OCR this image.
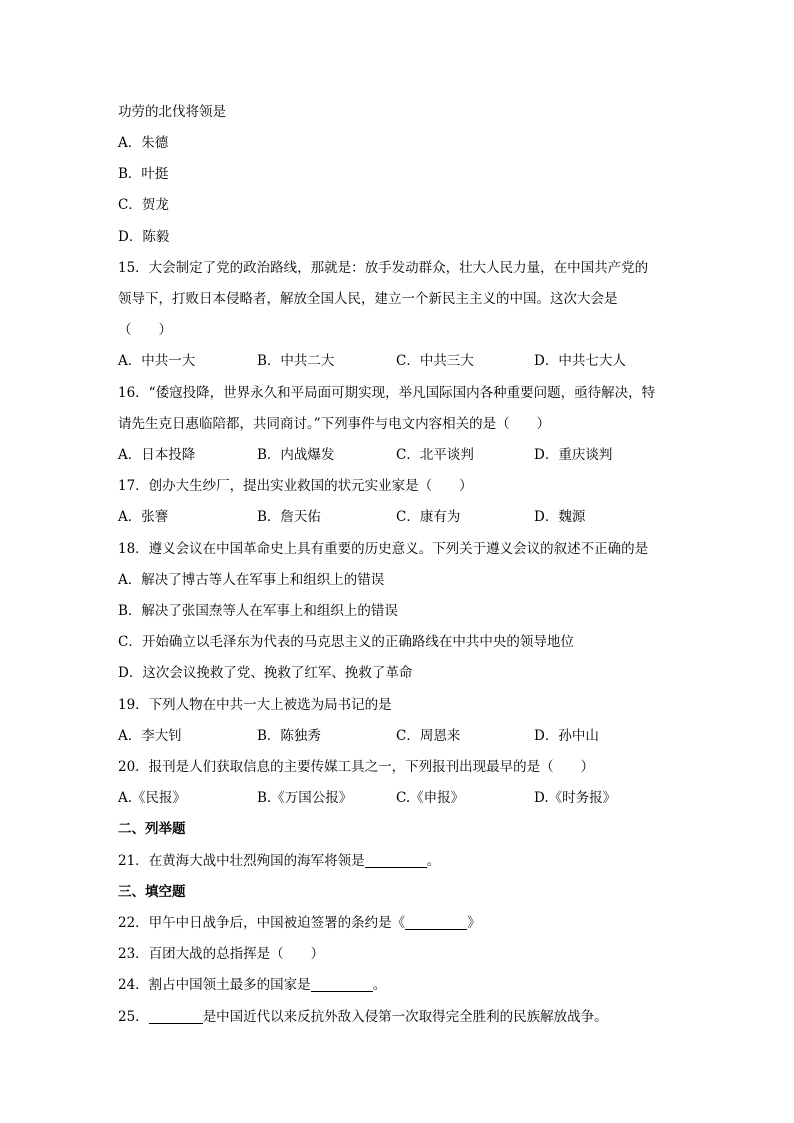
功劳的北伐将领是
A．朱德
B．叶挺
C．贺龙
D．陈毅
15．大会制定了党的政治路线，那就是：放手发动群众，壮大人民力量，在中国共产党的
领导下，打败日本侵略者，解放全国人民，建立一个新民主主义的中国。这次大会是
（　　）
A．中共一大	B．中共二大	C．中共三大	D．中共七大人
16．“倭寇投降，世界永久和平局面可期实现，举凡国际国内各种重要问题，亟待解决，特
请先生克日惠临陪都，共同商讨。”下列事件与电文内容相关的是（　　）
A．日本投降	B．内战爆发	C．北平谈判	D．重庆谈判
17．创办大生纱厂，提出实业救国的状元实业家是（　　）
A．张謇	B．詹天佑	C．康有为	D．魏源
18．遵义会议在中国革命史上具有重要的历史意义。下列关于遵义会议的叙述不正确的是
A．解决了博古等人在军事上和组织上的错误
B．解决了张国焘等人在军事上和组织上的错误
C．开始确立以毛泽东为代表的马克思主义的正确路线在中共中央的领导地位
D．这次会议挽救了党、挽救了红军、挽救了革命
19．下列人物在中共一大上被选为局书记的是
A．李大钊	B．陈独秀	C．周恩来	D．孙中山
20．报刊是人们获取信息的主要传媒工具之一，下列报刊出现最早的是（　　）
A.《民报》	B.《万国公报》	C.《申报》	D.《时务报》
二、列举题
21．在黄海大战中壮烈殉国的海军将领是	。
三、填空题
22．甲午中日战争后，中国被迫签署的条约是《	》
23．百团大战的总指挥是（　　）
24．割占中国领土最多的国家是	。
25．	是中国近代以来反抗外敌入侵第一次取得完全胜利的民族解放战争。
